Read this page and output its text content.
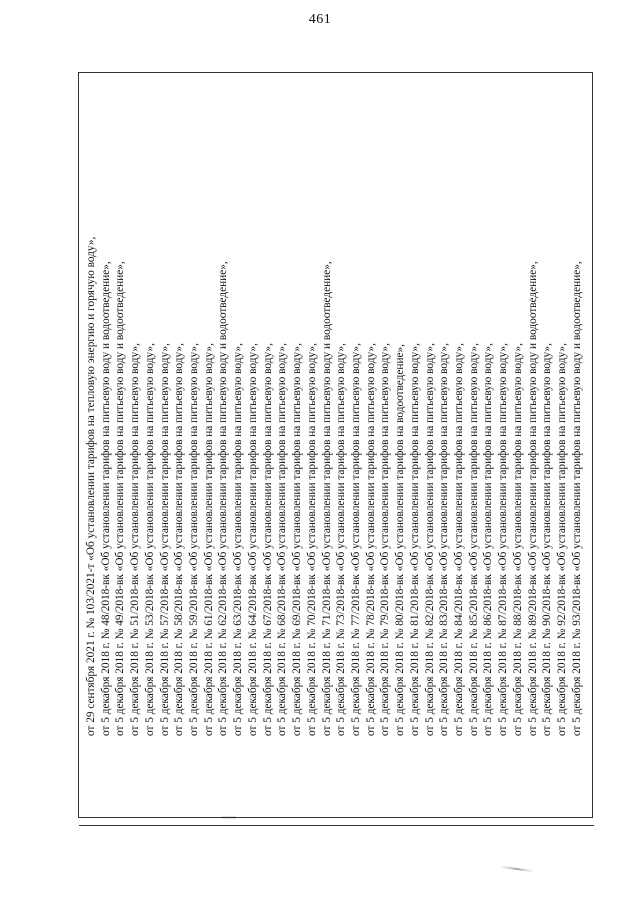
461
от 29 сентября 2021 г. № 103/2021-т «Об установлении тарифов на тепловую энергию и горячую воду», от 5 декабря 2018 г. № 48/2018-вк «Об установлении тарифов на питьевую воду и водоотведение», от 5 декабря 2018 г. № 49/2018-вк «Об установлении тарифов на питьевую воду и водоотведение», от 5 декабря 2018 г. № 51/2018-вк «Об установлении тарифов на питьевую воду», от 5 декабря 2018 г. № 53/2018-вк «Об установлении тарифов на питьевую воду», от 5 декабря 2018 г. № 57/2018-вк «Об установлении тарифов на питьевую воду», от 5 декабря 2018 г. № 58/2018-вк «Об установлении тарифов на питьевую воду», от 5 декабря 2018 г. № 59/2018-вк «Об установлении тарифов на питьевую воду», от 5 декабря 2018 г. № 61/2018-вк «Об установлении тарифов на питьевую воду», от 5 декабря 2018 г. № 62/2018-вк «Об установлении тарифов на питьевую воду и водоотведение», от 5 декабря 2018 г. № 63/2018-вк «Об установлении тарифов на питьевую воду», от 5 декабря 2018 г. № 64/2018-вк «Об установлении тарифов на питьевую воду», от 5 декабря 2018 г. № 67/2018-вк «Об установлении тарифов на питьевую воду», от 5 декабря 2018 г. № 68/2018-вк «Об установлении тарифов на питьевую воду», от 5 декабря 2018 г. № 69/2018-вк «Об установлении тарифов на питьевую воду», от 5 декабря 2018 г. № 70/2018-вк «Об установлении тарифов на питьевую воду», от 5 декабря 2018 г. № 71/2018-вк «Об установлении тарифов на питьевую воду и водоотведение», от 5 декабря 2018 г. № 73/2018-вк «Об установлении тарифов на питьевую воду», от 5 декабря 2018 г. № 77/2018-вк «Об установлении тарифов на питьевую воду», от 5 декабря 2018 г. № 78/2018-вк «Об установлении тарифов на питьевую воду», от 5 декабря 2018 г. № 79/2018-вк «Об установлении тарифов на питьевую воду», от 5 декабря 2018 г. № 80/2018-вк «Об установлении тарифов на водоотведение», от 5 декабря 2018 г. № 81/2018-вк «Об установлении тарифов на питьевую воду», от 5 декабря 2018 г. № 82/2018-вк «Об установлении тарифов на питьевую воду», от 5 декабря 2018 г. № 83/2018-вк «Об установлении тарифов на питьевую воду», от 5 декабря 2018 г. № 84/2018-вк «Об установлении тарифов на питьевую воду», от 5 декабря 2018 г. № 85/2018-вк «Об установлении тарифов на питьевую воду», от 5 декабря 2018 г. № 86/2018-вк «Об установлении тарифов на питьевую воду», от 5 декабря 2018 г. № 87/2018-вк «Об установлении тарифов на питьевую воду», от 5 декабря 2018 г. № 88/2018-вк «Об установлении тарифов на питьевую воду», от 5 декабря 2018 г. № 89/2018-вк «Об установлении тарифов на питьевую воду и водоотведение», от 5 декабря 2018 г. № 90/2018-вк «Об установлении тарифов на питьевую воду», от 5 декабря 2018 г. № 92/2018-вк «Об установлении тарифов на питьевую воду», от 5 декабря 2018 г. № 93/2018-вк «Об установлении тарифов на питьевую воду и водоотведение»,
